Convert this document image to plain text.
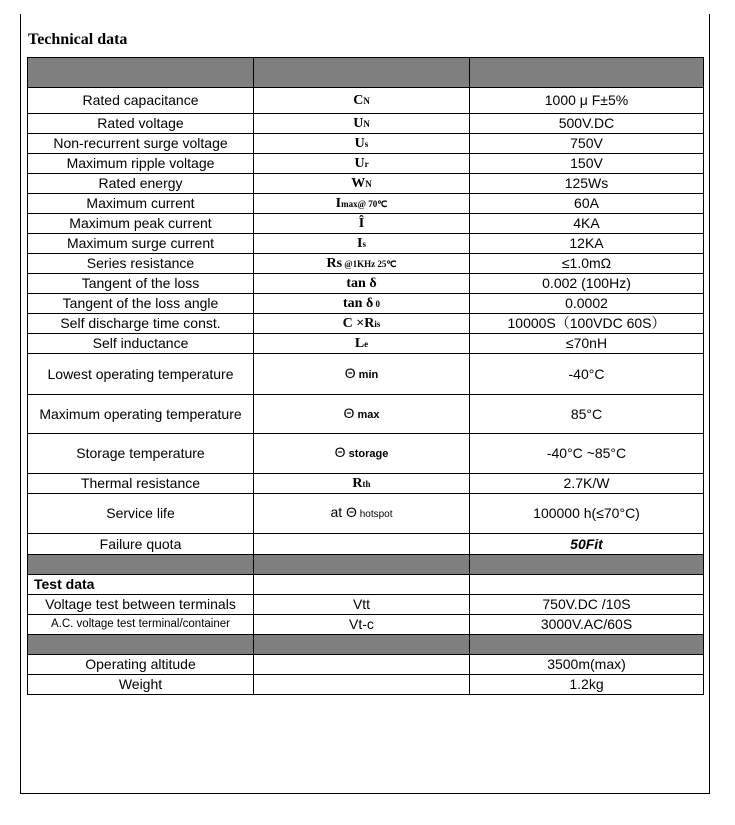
Technical data

Rated capacitance	CN	1000 μ F±5%
Rated voltage	UN	500V.DC
Non-recurrent surge voltage	Us	750V
Maximum ripple voltage	Ur	150V
Rated energy	WN	125Ws
Maximum current	Imax@ 70℃	60A
Maximum peak current	Î	4KA
Maximum surge current	Is	12KA
Series resistance	Rs @1KHz 25℃	≤1.0mΩ
Tangent of the loss	tan δ	0.002 (100Hz)
Tangent of the loss angle	tan δ 0	0.0002
Self discharge time const.	C ×Ris	10000S（100VDC 60S）
Self inductance	Le	≤70nH
Lowest operating temperature	Θ min	-40°C
Maximum operating temperature	Θ max	85°C
Storage temperature	Θ storage	-40°C ~85°C
Thermal resistance	Rth	2.7K/W
Service life	at Θ hotspot	100000 h(≤70°C)
Failure quota		50Fit

Test data		
Voltage test between terminals	Vtt	750V.DC /10S
A.C. voltage test terminal/container	Vt-c	3000V.AC/60S

Operating altitude		3500m(max)
Weight		1.2kg
